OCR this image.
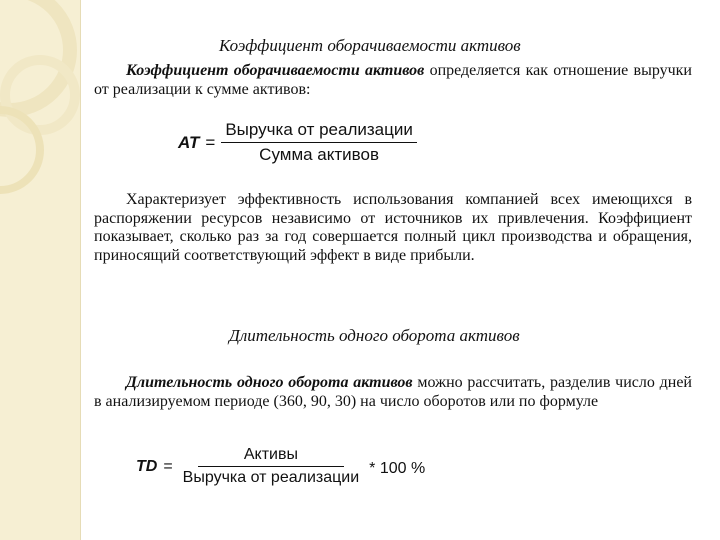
Коэффициент оборачиваемости активов

Коэффициент оборачиваемости активов определяется как отношение выручки от реализации к сумме активов:

AT = $\frac{\text{Выручка от реализации}}{\text{Сумма активов}}$

Характеризует эффективность использования компанией всех имеющихся в распоряжении ресурсов независимо от источников их привлечения. Коэффициент показывает, сколько раз за год совершается полный цикл производства и обращения, приносящий соответствующий эффект в виде прибыли.

Длительность одного оборота активов

Длительность одного оборота активов можно рассчитать, разделив число дней в анализируемом периоде (360, 90, 30) на число оборотов или по формуле

TD = $\frac{\text{Активы}}{\text{Выручка от реализации}} * 100$ %
